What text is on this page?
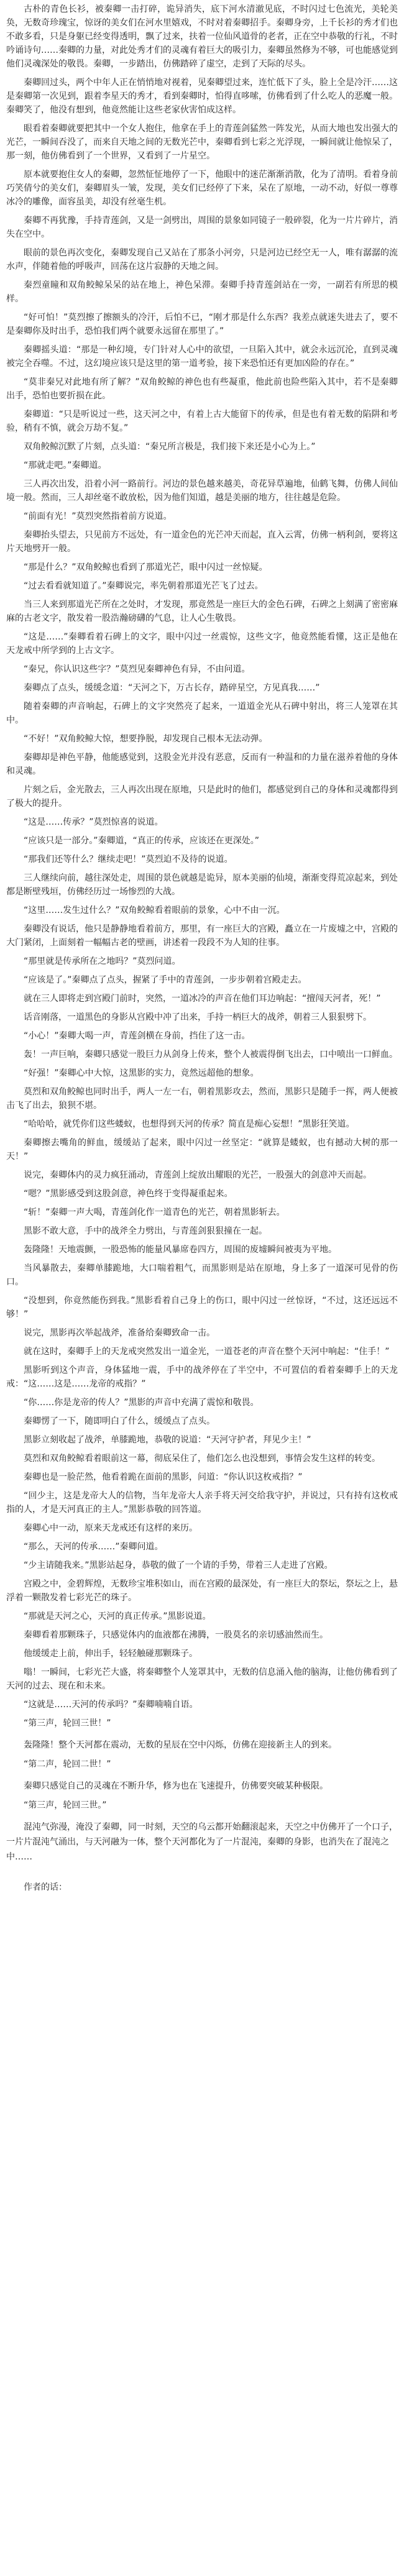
古朴的青色长衫，被秦卿一击打碎，诡异消失，底下河水清澈见底，不时闪过七色流光，美轮美奂，无数奇珍瑰宝，惊讶的美女们在河水里嬉戏，不时对着秦卿招手。秦卿身旁，上千长衫的秀才们也不敢多看，只是身躯已经变得透明，飘了过来，扶着一位仙风道骨的老者，正在空中恭敬的行礼，不时吟诵诗句……秦卿的力量，对此处秀才们的灵魂有着巨大的吸引力，秦卿虽然修为不够，可也能感觉到他们灵魂深处的敬畏。秦卿，一步踏出，仿佛踏碎了虚空，走到了天际的尽头。

秦卿回过头，两个中年人正在悄悄地对视着，见秦卿望过来，连忙低下了头，脸上全是冷汗……这是秦卿第一次见到，跟着李星天的秀才，看到秦卿时，怕得直哆嗦，仿佛看到了什么吃人的恶魔一般。秦卿笑了，他没有想到，他竟然能让这些老家伙害怕成这样。

眼看着秦卿就要把其中一个女人抱住，他拿在手上的青莲剑猛然一阵发光，从而大地也发出强大的光芒，一瞬间吞没了，而来自天地之间的无数光芒中，秦卿看到七彩之光浮现，一瞬间就让他惊呆了，那一刻，他仿佛看到了一个世界，又看到了一片星空。

原本就要抱住女人的秦卿，忽然怔怔地停了一下，他眼中的迷茫渐渐消散，化为了清明。看着身前巧笑倩兮的美女们，秦卿眉头一皱，发现，美女们已经停了下来，呆在了原地，一动不动，好似一尊尊冰冷的雕像，面容虽美，却没有丝毫生机。

秦卿不再犹豫，手持青莲剑，又是一剑劈出，周围的景象如同镜子一般碎裂，化为一片片碎片，消失在空中。

眼前的景色再次变化，秦卿发现自己又站在了那条小河旁，只是河边已经空无一人，唯有潺潺的流水声，伴随着他的呼吸声，回荡在这片寂静的天地之间。

秦烈童瞳和双角鲛鲸呆呆的站在地上，神色呆滞。秦卿手持青莲剑站在一旁，一副若有所思的模样。

“好可怕！”莫烈擦了擦额头的冷汗，后怕不已，“刚才那是什么东西？我差点就迷失进去了，要不是秦卿你及时出手，恐怕我们两个就要永远留在那里了。”

秦卿摇头道：“那是一种幻境，专门针对人心中的欲望，一旦陷入其中，就会永远沉沦，直到灵魂被完全吞噬。不过，这幻境应该只是这里的第一道考验，接下来恐怕还有更加凶险的存在。”

“莫非秦兄对此地有所了解？”双角鲛鲸的神色也有些凝重，他此前也险些陷入其中，若不是秦卿出手，恐怕也要折损在此。

秦卿道：“只是听说过一些，这天河之中，有着上古大能留下的传承，但是也有着无数的陷阱和考验，稍有不慎，就会万劫不复。”

双角鲛鲸沉默了片刻，点头道：“秦兄所言极是，我们接下来还是小心为上。”

“那就走吧。”秦卿道。

三人再次出发，沿着小河一路前行。河边的景色越来越美，奇花异草遍地，仙鹤飞舞，仿佛人间仙境一般。然而，三人却丝毫不敢放松，因为他们知道，越是美丽的地方，往往越是危险。

“前面有光！”莫烈突然指着前方说道。

秦卿抬头望去，只见前方不远处，有一道金色的光芒冲天而起，直入云霄，仿佛一柄利剑，要将这片天地劈开一般。

“那是什么？”双角鲛鲸也看到了那道光芒，眼中闪过一丝惊疑。

“过去看看就知道了。”秦卿说完，率先朝着那道光芒飞了过去。

当三人来到那道光芒所在之处时，才发现，那竟然是一座巨大的金色石碑，石碑之上刻满了密密麻麻的古老文字，散发着一股浩瀚磅礴的气息，让人心生敬畏。

“这是……”秦卿看着石碑上的文字，眼中闪过一丝震惊，这些文字，他竟然能看懂，这正是他在天龙戒中所学到的上古文字。

“秦兄，你认识这些字？”莫烈见秦卿神色有异，不由问道。

秦卿点了点头，缓缓念道：“天河之下，万古长存，踏碎星空，方见真我……”

随着秦卿的声音响起，石碑上的文字突然亮了起来，一道道金光从石碑中射出，将三人笼罩在其中。

“不好！”双角鲛鲸大惊，想要挣脱，却发现自己根本无法动弹。

秦卿却是神色平静，他能感觉到，这股金光并没有恶意，反而有一种温和的力量在滋养着他的身体和灵魂。

片刻之后，金光散去，三人再次出现在原地，只是此时的他们，都感觉到自己的身体和灵魂都得到了极大的提升。

“这是……传承？”莫烈惊喜的说道。

“应该只是一部分。”秦卿道，“真正的传承，应该还在更深处。”

“那我们还等什么？继续走吧！”莫烈迫不及待的说道。

三人继续向前，越往深处走，周围的景色就越是诡异，原本美丽的仙境，渐渐变得荒凉起来，到处都是断壁残垣，仿佛经历过一场惨烈的大战。

“这里……发生过什么？”双角鲛鲸看着眼前的景象，心中不由一沉。

秦卿没有说话，他只是静静地看着前方，那里，有一座巨大的宫殿，矗立在一片废墟之中，宫殿的大门紧闭，上面刻着一幅幅古老的壁画，讲述着一段段不为人知的往事。

“那里就是传承所在之地吗？”莫烈问道。

“应该是了。”秦卿点了点头，握紧了手中的青莲剑，一步步朝着宫殿走去。

就在三人即将走到宫殿门前时，突然，一道冰冷的声音在他们耳边响起：“擅闯天河者，死！”

话音刚落，一道黑色的身影从宫殿中冲了出来，手持一柄巨大的战斧，朝着三人狠狠劈下。

“小心！”秦卿大喝一声，青莲剑横在身前，挡住了这一击。

轰！一声巨响，秦卿只感觉一股巨力从剑身上传来，整个人被震得倒飞出去，口中喷出一口鲜血。

“好强！”秦卿心中大惊，这黑影的实力，竟然远超他的想象。

莫烈和双角鲛鲸也同时出手，两人一左一右，朝着黑影攻去，然而，黑影只是随手一挥，两人便被击飞了出去，狼狈不堪。

“哈哈哈，就凭你们这些蝼蚁，也想得到天河的传承？简直是痴心妄想！”黑影狂笑道。

秦卿擦去嘴角的鲜血，缓缓站了起来，眼中闪过一丝坚定：“就算是蝼蚁，也有撼动大树的那一天！”

说完，秦卿体内的灵力疯狂涌动，青莲剑上绽放出耀眼的光芒，一股强大的剑意冲天而起。

“嗯？”黑影感受到这股剑意，神色终于变得凝重起来。

“斩！”秦卿一声大喝，青莲剑化作一道青色的光芒，朝着黑影斩去。

黑影不敢大意，手中的战斧全力劈出，与青莲剑狠狠撞在一起。

轰隆隆！天地震颤，一股恐怖的能量风暴席卷四方，周围的废墟瞬间被夷为平地。

当风暴散去，秦卿单膝跪地，大口喘着粗气，而黑影则是站在原地，身上多了一道深可见骨的伤口。

“没想到，你竟然能伤到我。”黑影看着自己身上的伤口，眼中闪过一丝惊讶，“不过，这还远远不够！”

说完，黑影再次举起战斧，准备给秦卿致命一击。

就在这时，秦卿手上的天龙戒突然发出一道金光，一道苍老的声音在整个天河中响起：“住手！”

黑影听到这个声音，身体猛地一震，手中的战斧停在了半空中，不可置信的看着秦卿手上的天龙戒：“这……这是……龙帝的戒指？”

“你……你是龙帝的传人？”黑影的声音中充满了震惊和敬畏。

秦卿愣了一下，随即明白了什么，缓缓点了点头。

黑影立刻收起了战斧，单膝跪地，恭敬的说道：“天河守护者，拜见少主！”

莫烈和双角鲛鲸看着眼前这一幕，彻底呆住了，他们怎么也没想到，事情会发生这样的转变。

秦卿也是一脸茫然，他看着跪在面前的黑影，问道：“你认识这枚戒指？”

“回少主，这是龙帝大人的信物，当年龙帝大人亲手将天河交给我守护，并说过，只有持有这枚戒指的人，才是天河真正的主人。”黑影恭敬的回答道。

秦卿心中一动，原来天龙戒还有这样的来历。

“那么，天河的传承……”秦卿问道。

“少主请随我来。”黑影站起身，恭敬的做了一个请的手势，带着三人走进了宫殿。

宫殿之中，金碧辉煌，无数珍宝堆积如山，而在宫殿的最深处，有一座巨大的祭坛，祭坛之上，悬浮着一颗散发着七彩光芒的珠子。

“那就是天河之心，天河的真正传承。”黑影说道。

秦卿看着那颗珠子，只感觉体内的血液都在沸腾，一股莫名的亲切感油然而生。

他缓缓走上前，伸出手，轻轻触碰那颗珠子。

嗡！一瞬间，七彩光芒大盛，将秦卿整个人笼罩其中，无数的信息涌入他的脑海，让他仿佛看到了天河的过去、现在和未来。

“这就是……天河的传承吗？”秦卿喃喃自语。

“第三声，轮回三世！”

轰隆隆！整个天河都在震动，无数的星辰在空中闪烁，仿佛在迎接新主人的到来。

“第二声，轮回二世！”

秦卿只感觉自己的灵魂在不断升华，修为也在飞速提升，仿佛要突破某种极限。

“第三声，轮回三世。”

混沌气弥漫，淹没了秦卿，同一时刻，天空的乌云都开始翻滚起来，天空之中仿佛开了一个口子，一片片混沌气涌出，与天河融为一体，整个天河都化为了一片混沌，秦卿的身影，也消失在了混沌之中……

作者的话：
